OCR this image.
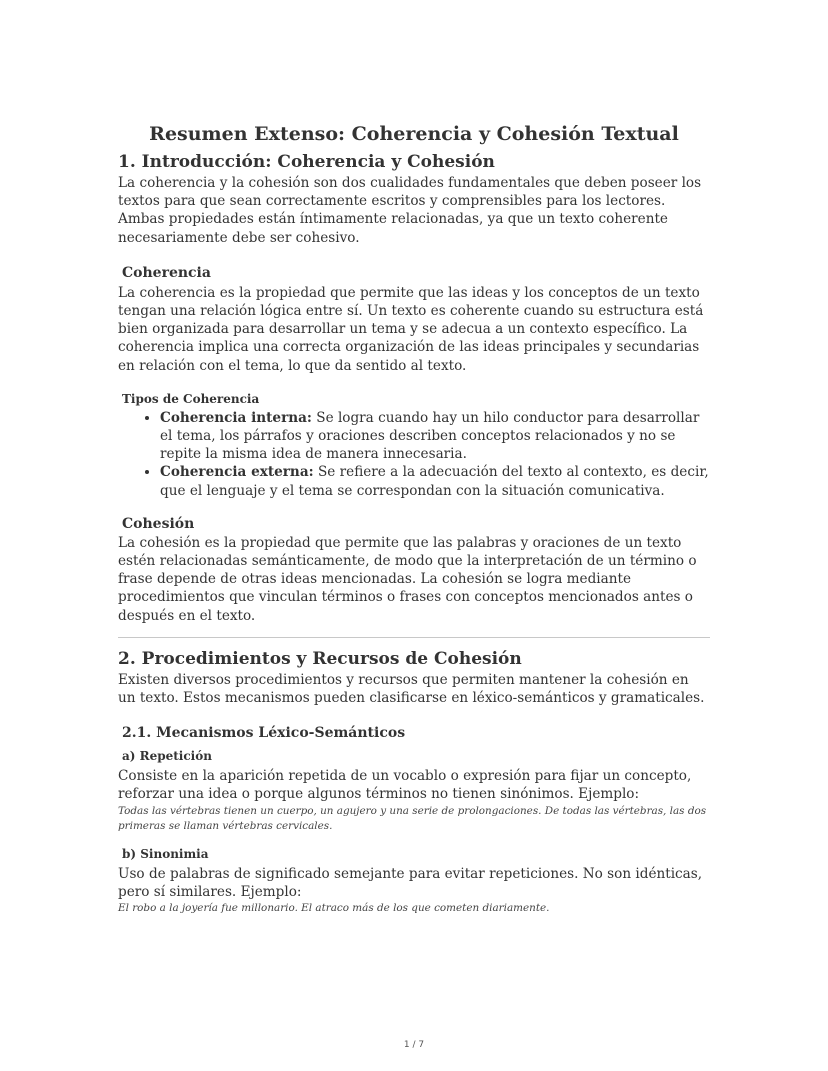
Resumen Extenso: Coherencia y Cohesión Textual
1. Introducción: Coherencia y Cohesión

La coherencia y la cohesión son dos cualidades fundamentales que deben poseer los textos para que sean correctamente escritos y comprensibles para los lectores. Ambas propiedades están íntimamente relacionadas, ya que un texto coherente necesariamente debe ser cohesivo.

Coherencia

La coherencia es la propiedad que permite que las ideas y los conceptos de un texto tengan una relación lógica entre sí. Un texto es coherente cuando su estructura está bien organizada para desarrollar un tema y se adecua a un contexto específico. La coherencia implica una correcta organización de las ideas principales y secundarias en relación con el tema, lo que da sentido al texto.

Tipos de Coherencia
• Coherencia interna: Se logra cuando hay un hilo conductor para desarrollar el tema, los párrafos y oraciones describen conceptos relacionados y no se repite la misma idea de manera innecesaria.
• Coherencia externa: Se refiere a la adecuación del texto al contexto, es decir, que el lenguaje y el tema se correspondan con la situación comunicativa.
Cohesión

La cohesión es la propiedad que permite que las palabras y oraciones de un texto estén relacionadas semánticamente, de modo que la interpretación de un término o frase depende de otras ideas mencionadas. La cohesión se logra mediante procedimientos que vinculan términos o frases con conceptos mencionados antes o después en el texto.

2. Procedimientos y Recursos de Cohesión

Existen diversos procedimientos y recursos que permiten mantener la cohesión en un texto. Estos mecanismos pueden clasificarse en léxico-semánticos y gramaticales.

2.1. Mecanismos Léxico-Semánticos
a) Repetición

Consiste en la aparición repetida de un vocablo o expresión para fijar un concepto, reforzar una idea o porque algunos términos no tienen sinónimos. Ejemplo:

Todas las vértebras tienen un cuerpo, un agujero y una serie de prolongaciones. De todas las vértebras, las dos primeras se llaman vértebras cervicales.

b) Sinonimia

Uso de palabras de significado semejante para evitar repeticiones. No son idénticas, pero sí similares. Ejemplo:

El robo a la joyería fue millonario. El atraco más de los que cometen diariamente.

1 / 7
